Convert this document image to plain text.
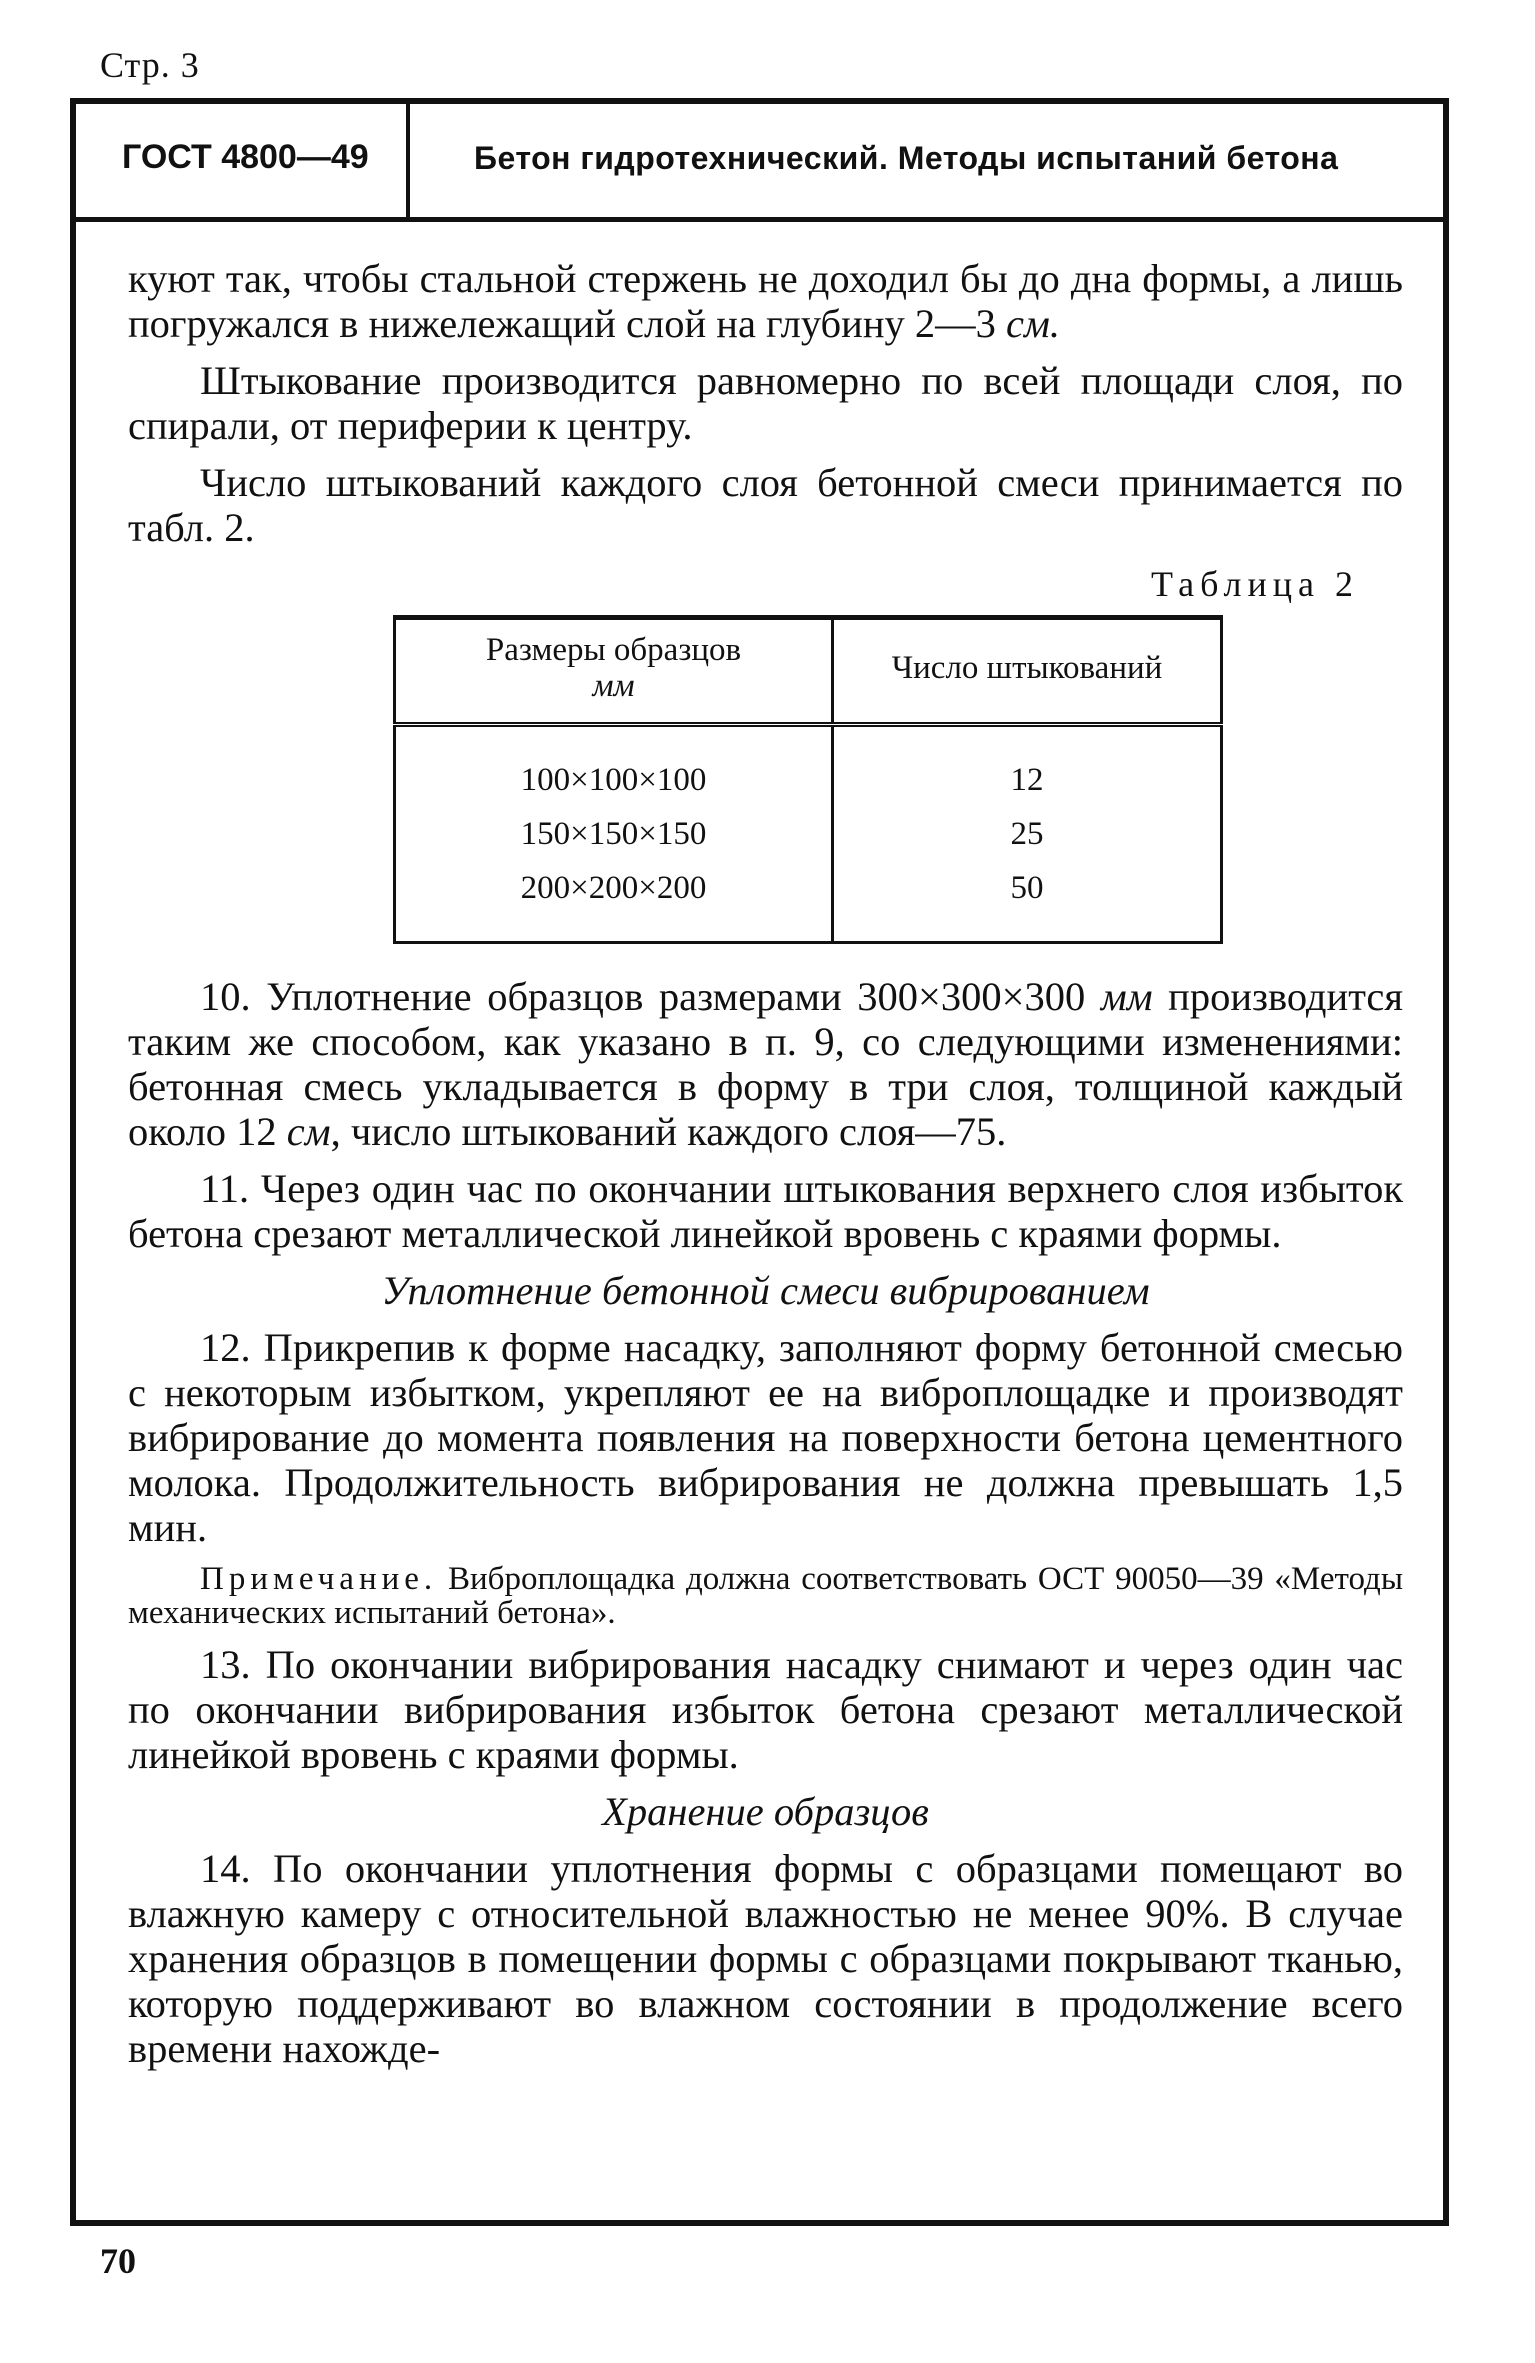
Стр. 3
ГОСТ 4800—49	Бетон гидротехнический. Методы испытаний бетона

куют так, чтобы стальной стержень не доходил бы до дна формы, а лишь погружался в нижележащий слой на глубину 2—3 см.

Штыкование производится равномерно по всей площади слоя, по спирали, от периферии к центру.

Число штыкований каждого слоя бетонной смеси принимается по табл. 2.

Таблица 2
Размеры образцов
мм	Число штыкований
100×100×100	12
150×150×150	25
200×200×200	50

10. Уплотнение образцов размерами 300×300×300 мм производится таким же способом, как указано в п. 9, со следующими изменениями: бетонная смесь укладывается в форму в три слоя, толщиной каждый около 12 см, число штыкований каждого слоя—75.

11. Через один час по окончании штыкования верхнего слоя избыток бетона срезают металлической линейкой вровень с краями формы.

Уплотнение бетонной смеси вибрированием

12. Прикрепив к форме насадку, заполняют форму бетонной смесью с некоторым избытком, укрепляют ее на виброплощадке и производят вибрирование до момента появления на поверхности бетона цементного молока. Продолжительность вибрирования не должна превышать 1,5 мин.

Примечание. Виброплощадка должна соответствовать ОСТ 90050—39 «Методы механических испытаний бетона».

13. По окончании вибрирования насадку снимают и через один час по окончании вибрирования избыток бетона срезают металлической линейкой вровень с краями формы.

Хранение образцов

14. По окончании уплотнения формы с образцами помещают во влажную камеру с относительной влажностью не менее 90%. В случае хранения образцов в помещении формы с образцами покрывают тканью, которую поддерживают во влажном состоянии в продолжение всего времени нахожде-

70
